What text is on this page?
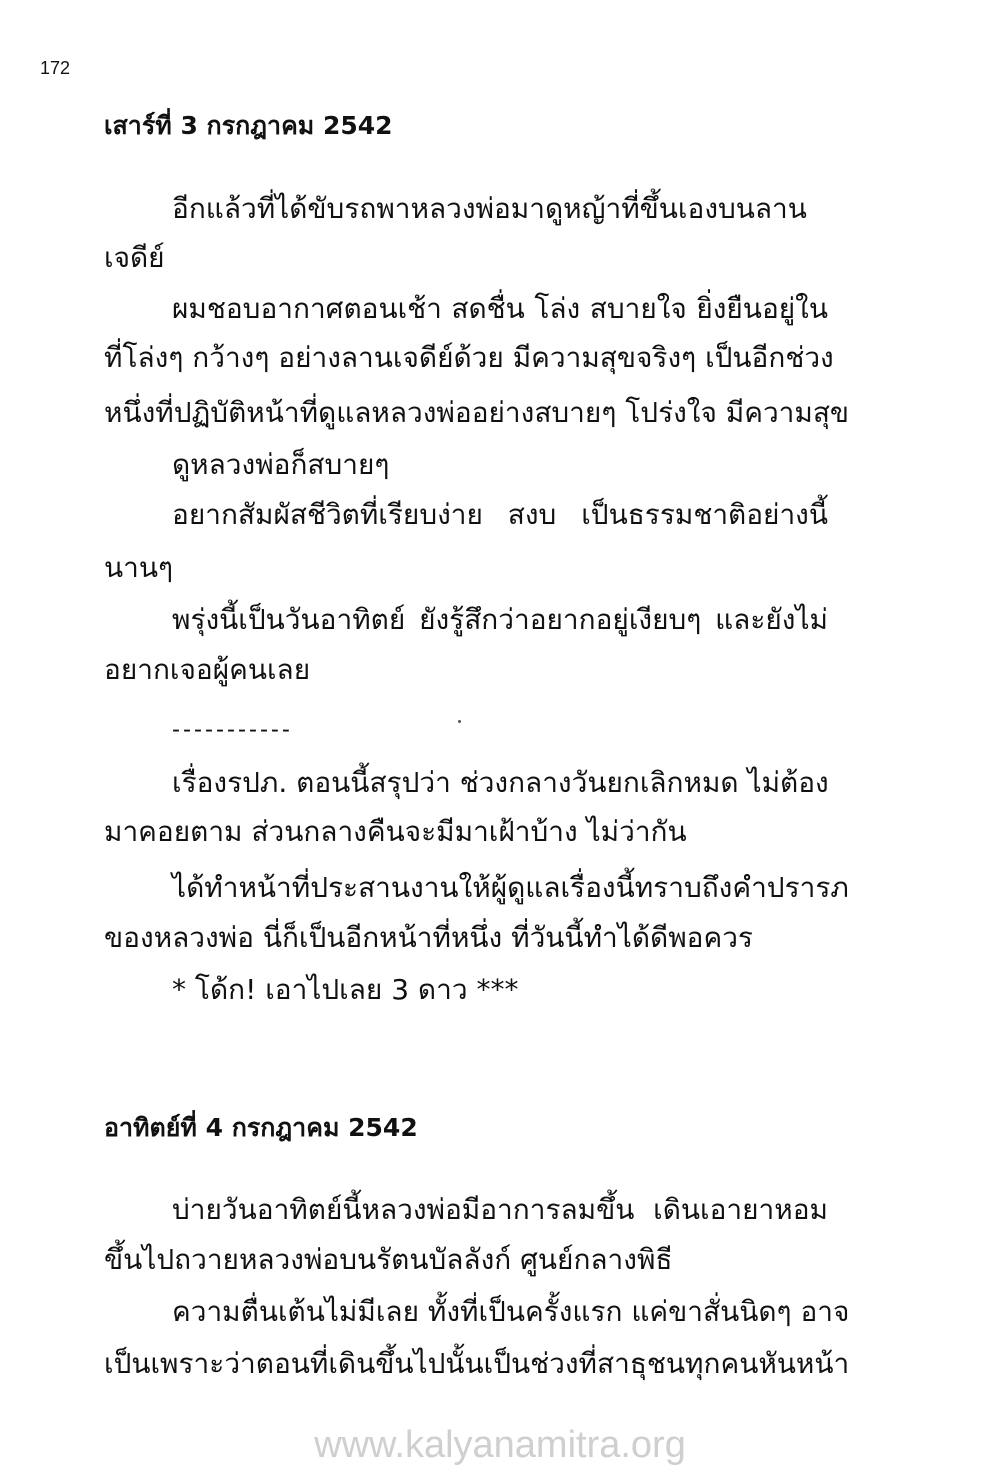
172
เสาร์ที่ 3 กรกฎาคม 2542
อีกแล้วที่ได้ขับรถพาหลวงพ่อมาดูหญ้าที่ขึ้นเองบนลาน
เจดีย์
ผมชอบอากาศตอนเช้า สดชื่น โล่ง สบายใจ ยิ่งยืนอยู่ใน
ที่โล่งๆ กว้างๆ อย่างลานเจดีย์ด้วย มีความสุขจริงๆ เป็นอีกช่วง
หนึ่งที่ปฏิบัติหน้าที่ดูแลหลวงพ่ออย่างสบายๆ โปร่งใจ มีความสุข
ดูหลวงพ่อก็สบายๆ
อยากสัมผัสชีวิตที่เรียบง่าย สงบ เป็นธรรมชาติอย่างนี้
นานๆ
พรุ่งนี้เป็นวันอาทิตย์ ยังรู้สึกว่าอยากอยู่เงียบๆ และยังไม่
อยากเจอผู้คนเลย
-----------
เรื่องรปภ. ตอนนี้สรุปว่า ช่วงกลางวันยกเลิกหมด ไม่ต้อง
มาคอยตาม ส่วนกลางคืนจะมีมาเฝ้าบ้าง ไม่ว่ากัน
ได้ทำหน้าที่ประสานงานให้ผู้ดูแลเรื่องนี้ทราบถึงคำปรารภ
ของหลวงพ่อ นี่ก็เป็นอีกหน้าที่หนึ่ง ที่วันนี้ทำได้ดีพอควร
* โด้ก! เอาไปเลย 3 ดาว ***
อาทิตย์ที่ 4 กรกฎาคม 2542
บ่ายวันอาทิตย์นี้หลวงพ่อมีอาการลมขึ้น เดินเอายาหอม
ขึ้นไปถวายหลวงพ่อบนรัตนบัลลังก์ ศูนย์กลางพิธี
ความตื่นเต้นไม่มีเลย ทั้งที่เป็นครั้งแรก แค่ขาสั่นนิดๆ อาจ
เป็นเพราะว่าตอนที่เดินขึ้นไปนั้นเป็นช่วงที่สาธุชนทุกคนหันหน้า
www.kalyanamitra.org
